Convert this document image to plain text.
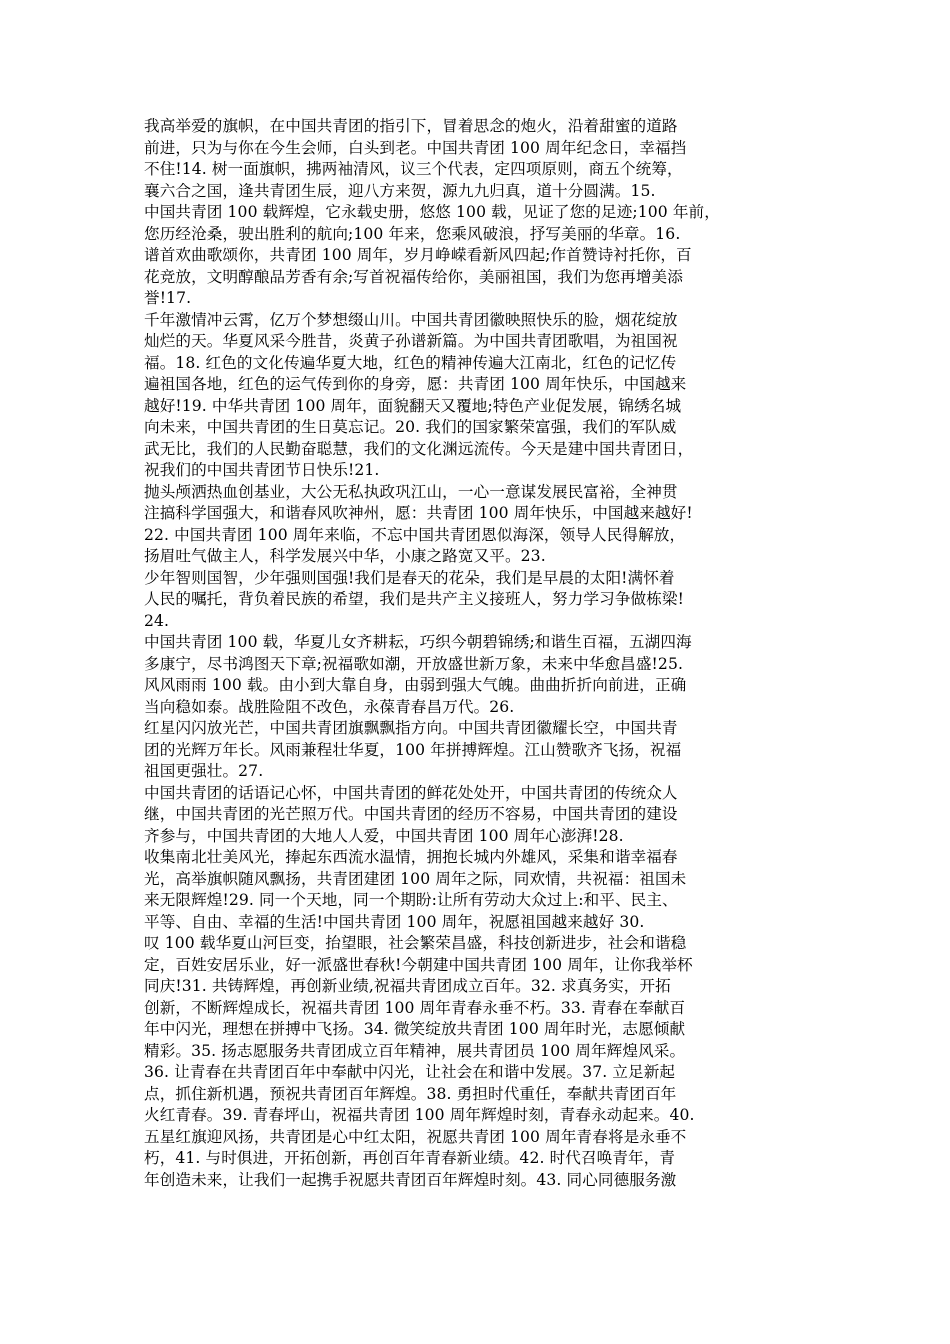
我高举爱的旗帜，在中国共青团的指引下，冒着思念的炮火，沿着甜蜜的道路
前进，只为与你在今生会师，白头到老。中国共青团 100 周年纪念日，幸福挡
不住!14. 树一面旗帜，拂两袖清风，议三个代表，定四项原则，商五个统筹，
襄六合之国，逢共青团生辰，迎八方来贺，源九九归真，道十分圆满。15.
中国共青团 100 载辉煌，它永载史册，悠悠 100 载，见证了您的足迹;100 年前，
您历经沧桑，驶出胜利的航向;100 年来，您乘风破浪，抒写美丽的华章。16.
谱首欢曲歌颂你，共青团 100 周年，岁月峥嵘看新风四起;作首赞诗衬托你，百
花竞放，文明醇酿品芳香有余;写首祝福传给你，美丽祖国，我们为您再增美添
誉!17.
千年激情冲云霄，亿万个梦想缀山川。中国共青团徽映照快乐的脸，烟花绽放
灿烂的天。华夏风采今胜昔，炎黄子孙谱新篇。为中国共青团歌唱，为祖国祝
福。18. 红色的文化传遍华夏大地，红色的精神传遍大江南北，红色的记忆传
遍祖国各地，红色的运气传到你的身旁，愿：共青团 100 周年快乐，中国越来
越好!19. 中华共青团 100 周年，面貌翻天又覆地;特色产业促发展，锦绣名城
向未来，中国共青团的生日莫忘记。20. 我们的国家繁荣富强，我们的军队威
武无比，我们的人民勤奋聪慧，我们的文化渊远流传。今天是建中国共青团日，
祝我们的中国共青团节日快乐!21.
抛头颅洒热血创基业，大公无私执政巩江山，一心一意谋发展民富裕，全神贯
注搞科学国强大，和谐春风吹神州，愿：共青团 100 周年快乐，中国越来越好!
22. 中国共青团 100 周年来临，不忘中国共青团恩似海深，领导人民得解放，
扬眉吐气做主人，科学发展兴中华，小康之路宽又平。23.
少年智则国智，少年强则国强!我们是春天的花朵，我们是早晨的太阳!满怀着
人民的嘱托，背负着民族的希望，我们是共产主义接班人，努力学习争做栋梁!
24.
中国共青团 100 载，华夏儿女齐耕耘，巧织今朝碧锦绣;和谐生百福，五湖四海
多康宁，尽书鸿图天下章;祝福歌如潮，开放盛世新万象，未来中华愈昌盛!25.
风风雨雨 100 载。由小到大靠自身，由弱到强大气魄。曲曲折折向前进，正确
当向稳如泰。战胜险阻不改色，永葆青春昌万代。26.
红星闪闪放光芒，中国共青团旗飘飘指方向。中国共青团徽耀长空，中国共青
团的光辉万年长。风雨兼程壮华夏，100 年拼搏辉煌。江山赞歌齐飞扬，祝福
祖国更强壮。27.
中国共青团的话语记心怀，中国共青团的鲜花处处开，中国共青团的传统众人
继，中国共青团的光芒照万代。中国共青团的经历不容易，中国共青团的建设
齐参与，中国共青团的大地人人爱，中国共青团 100 周年心澎湃!28.
收集南北壮美风光，捧起东西流水温情，拥抱长城内外雄风，采集和谐幸福春
光，高举旗帜随风飘扬，共青团建团 100 周年之际，同欢情，共祝福：祖国未
来无限辉煌!29. 同一个天地，同一个期盼:让所有劳动大众过上:和平、民主、
平等、自由、幸福的生活!中国共青团 100 周年，祝愿祖国越来越好 30.
叹 100 载华夏山河巨变，抬望眼，社会繁荣昌盛，科技创新进步，社会和谐稳
定，百姓安居乐业，好一派盛世春秋!今朝建中国共青团 100 周年，让你我举杯
同庆!31. 共铸辉煌，再创新业绩,祝福共青团成立百年。32. 求真务实，开拓
创新，不断辉煌成长，祝福共青团 100 周年青春永垂不朽。33. 青春在奉献百
年中闪光，理想在拼搏中飞扬。34. 微笑绽放共青团 100 周年时光，志愿倾献
精彩。35. 扬志愿服务共青团成立百年精神，展共青团员 100 周年辉煌风采。
36. 让青春在共青团百年中奉献中闪光，让社会在和谐中发展。37. 立足新起
点，抓住新机遇，预祝共青团百年辉煌。38. 勇担时代重任，奉献共青团百年
火红青春。39. 青春坪山，祝福共青团 100 周年辉煌时刻，青春永动起来。40.
五星红旗迎风扬，共青团是心中红太阳，祝愿共青团 100 周年青春将是永垂不
朽，41. 与时俱进，开拓创新，再创百年青春新业绩。42. 时代召唤青年，青
年创造未来，让我们一起携手祝愿共青团百年辉煌时刻。43. 同心同德服务激
